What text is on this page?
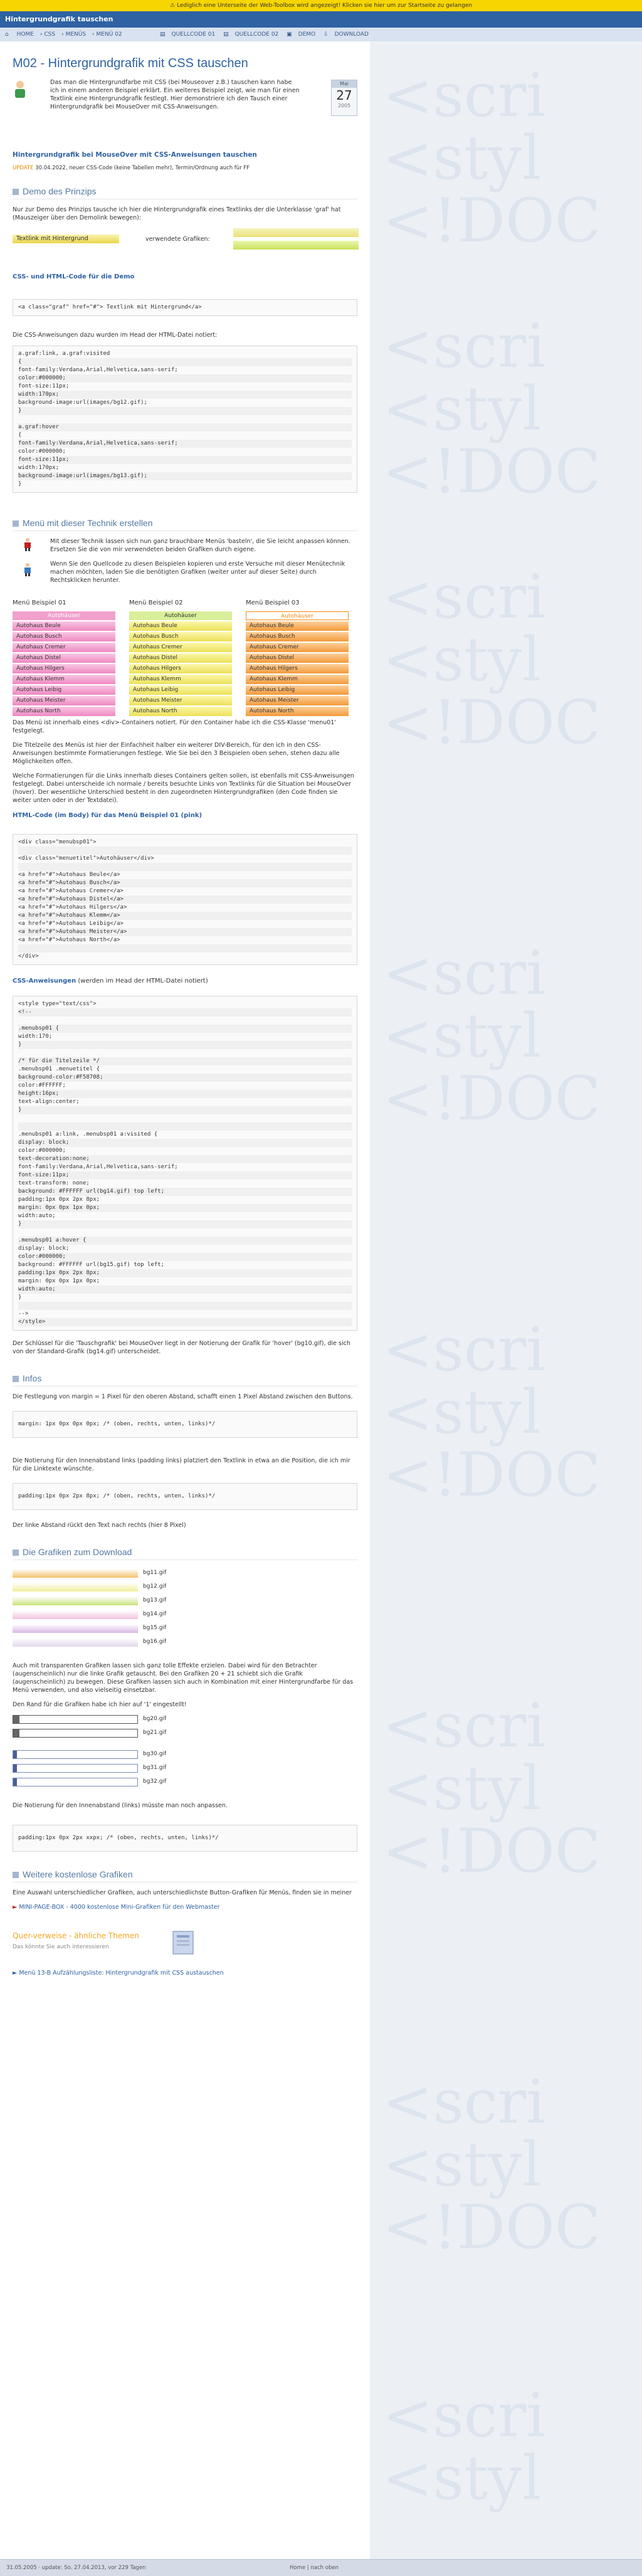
⚠ Lediglich eine Unterseite der Web-Toolbox wird angezeigt! Klicken sie hier um zur Startseite zu gelangen
Hintergrundgrafik tauschen
⌂ HOME › CSS › MENÜS › MENÜ 02	▤ QUELLCODE 01 ▤ QUELLCODE 02 ▣ DEMO ⇩ DOWNLOAD
<scri
<styl
<!DOC
<scri
<styl
<!DOC
<scri
<styl
<!DOC
<scri
<styl
<!DOC
<scri
<styl
<!DOC
<scri
<styl
<!DOC
<scri
<styl
<!DOC
<scri
<styl
M02 - Hintergrundgrafik mit CSS tauschen
Das man die Hintergrundfarbe mit CSS (bei Mouseover z.B.) tauschen kann habe ich in einem anderen Beispiel erklärt. Ein weiteres Beispiel zeigt, wie man für einen Textlink eine Hintergrundgrafik festlegt. Hier demonstriere ich den Tausch einer Hintergrundgrafik bei MouseOver mit CSS-Anweisungen.
Mai
27
2005
Hintergrundgrafik bei MouseOver mit CSS-Anweisungen tauschen
UPDATE 30.04.2022, neuer CSS-Code (keine Tabellen mehr), Termin/Ordnung auch für FF
Demo des Prinzips

Nur zur Demo des Prinzips tausche ich hier die Hintergrundgrafik eines Textlinks der die Unterklasse 'graf' hat (Mauszeiger über den Demolink bewegen):

Textlink mit Hintergrund	verwendete Grafiken:
CSS- und HTML-Code für die Demo
<a class="graf" href="#"> Textlink mit Hintergrund</a>

Die CSS-Anweisungen dazu wurden im Head der HTML-Datei notiert:

a.graf:link, a.graf:visited
{
font-family:Verdana,Arial,Helvetica,sans-serif;
color:#000000;
font-size:11px;
width:170px;
background-image:url(images/bg12.gif);
}
a.graf:hover
{
font-family:Verdana,Arial,Helvetica,sans-serif;
color:#000000;
font-size:11px;
width:170px;
background-image:url(images/bg13.gif);
}
Menü mit dieser Technik erstellen

Mit dieser Technik lassen sich nun ganz brauchbare Menüs 'basteln', die Sie leicht anpassen können. Ersetzen Sie die von mir verwendeten beiden Grafiken durch eigene.

Wenn Sie den Quellcode zu diesen Beispielen kopieren und erste Versuche mit dieser Menütechnik machen möchten, laden Sie die benötigten Grafiken (weiter unter auf dieser Seite) durch Rechtsklicken herunter.

Menü Beispiel 01
Autohäuser
Autohaus Beule
Autohaus Busch
Autohaus Cremer
Autohaus Distel
Autohaus Hilgers
Autohaus Klemm
Autohaus Leibig
Autohaus Meister
Autohaus North
Menü Beispiel 02
Autohäuser
Autohaus Beule
Autohaus Busch
Autohaus Cremer
Autohaus Distel
Autohaus Hilgers
Autohaus Klemm
Autohaus Leibig
Autohaus Meister
Autohaus North
Menü Beispiel 03
Autohäuser
Autohaus Beule
Autohaus Busch
Autohaus Cremer
Autohaus Distel
Autohaus Hilgers
Autohaus Klemm
Autohaus Leibig
Autohaus Meister
Autohaus North

Das Menü ist innerhalb eines <div>-Containers notiert. Für den Container habe ich die CSS-Klasse 'menu01' festgelegt.

Die Titelzeile des Menüs ist hier der Einfachheit halber ein weiterer DIV-Bereich, für den ich in den CSS-Anweisungen bestimmte Formatierungen festlege. Wie Sie bei den 3 Beispielen oben sehen, stehen dazu alle Möglichkeiten offen.

Welche Formatierungen für die Links innerhalb dieses Containers gelten sollen, ist ebenfalls mit CSS-Anweisungen festgelegt. Dabei unterscheide ich normale / bereits besuchte Links von Textlinks für die Situation bei MouseOver (hover). Der wesentliche Unterschied besteht in den zugeordneten Hintergrundgrafiken (den Code finden sie weiter unten oder in der Textdatei).

HTML-Code (im Body) für das Menü Beispiel 01 (pink)
<div class="menubsp01">
<div class="menuetitel">Autohäuser</div>
<a href="#">Autohaus Beule</a>
<a href="#">Autohaus Busch</a>
<a href="#">Autohaus Cremer</a>
<a href="#">Autohaus Distel</a>
<a href="#">Autohaus Hilgers</a>
<a href="#">Autohaus Klemm</a>
<a href="#">Autohaus Leibig</a>
<a href="#">Autohaus Meister</a>
<a href="#">Autohaus North</a>
</div>
CSS-Anweisungen (werden im Head der HTML-Datei notiert)
<style type="text/css">
<!--
.menubsp01 {
width:170;
}
/* für die Titelzeile */
.menubsp01 .menuetitel {
background-color:#F58708;
color:#FFFFFF;
height:16px;
text-align:center;
}
.menubsp01 a:link, .menubsp01 a:visited {
display: block;
color:#000000;
text-decoration:none;
font-family:Verdana,Arial,Helvetica,sans-serif;
font-size:11px;
text-transform: none;
background: #FFFFFF url(bg14.gif) top left;
padding:1px 0px 2px 8px;
margin: 0px 0px 1px 0px;
width:auto;
}
.menubsp01 a:hover {
display: block;
color:#000000;
background: #FFFFFF url(bg15.gif) top left;
padding:1px 0px 2px 8px;
margin: 0px 0px 1px 0px;
width:auto;
}
-->
</style>

Der Schlüssel für die 'Tauschgrafik' bei MouseOver liegt in der Notierung der Grafik für 'hover' (bg10.gif), die sich von der Standard-Grafik (bg14.gif) unterscheidet.

Infos

Die Festlegung von margin = 1 Pixel für den oberen Abstand, schafft einen 1 Pixel Abstand zwischen den Buttons.

margin: 1px 0px 0px 0px; /* (oben, rechts, unten, links)*/

Die Notierung für den Innenabstand links (padding links) platziert den Textlink in etwa an die Position, die ich mir für die Linktexte wünschte.

padding:1px 0px 2px 8px; /* (oben, rechts, unten, links)*/

Der linke Abstand rückt den Text nach rechts (hier 8 Pixel)

Die Grafiken zum Download
bg11.gif
bg12.gif
bg13.gif
bg14.gif
bg15.gif
bg16.gif

Auch mit transparenten Grafiken lassen sich ganz tolle Effekte erzielen. Dabei wird für den Betrachter (augenscheinlich) nur die linke Grafik getauscht. Bei den Grafiken 20 + 21 schiebt sich die Grafik (augenscheinlich) zu bewegen. Diese Grafiken lassen sich auch in Kombination mit einer Hintergrundfarbe für das Menü verwenden, und also vielseitig einsetzbar.

Den Rand für die Grafiken habe ich hier auf '1' eingestellt!

bg20.gif
bg21.gif
bg30.gif
bg31.gif
bg32.gif

Die Notierung für den Innenabstand (links) müsste man noch anpassen.

padding:1px 0px 2px xxpx; /* (oben, rechts, unten, links)*/
Weitere kostenlose Grafiken

Eine Auswahl unterschiedlicher Grafiken, auch unterschiedlichste Button-Grafiken für Menüs, finden sie in meiner

► MINI-PAGE-BOX - 4000 kostenlose Mini-Grafiken für den Webmaster

Quer-verweise - ähnliche Themen
Das könnte Sie auch interessieren

► Menü 13-B Aufzählungsliste: Hintergrundgrafik mit CSS austauschen

31.05.2005 · update: So. 27.04.2013, vor 229 Tagen	Home | nach oben
